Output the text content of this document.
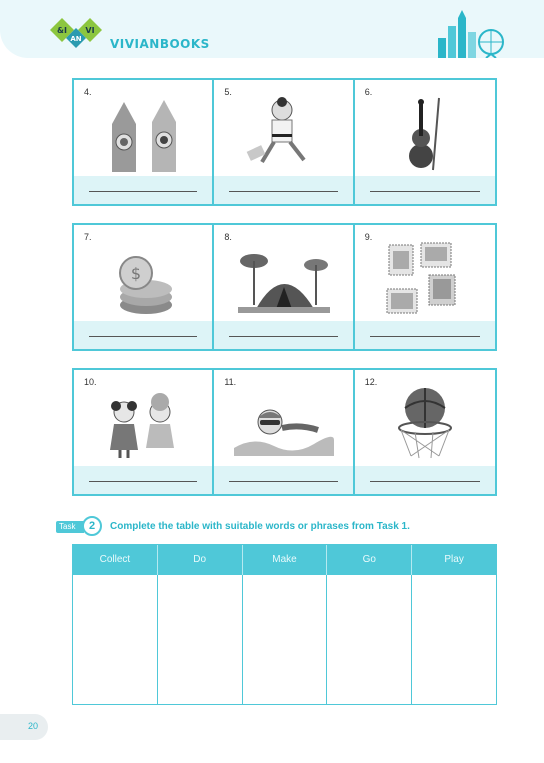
&I VI
AN VIVIANBOOKS
4.	5.	6.
7.
$
8.	9.
10.	11.	12.
Task	2	Complete the table with suitable words or phrases from Task 1.
Collect	Do	Make	Go	Play
20
